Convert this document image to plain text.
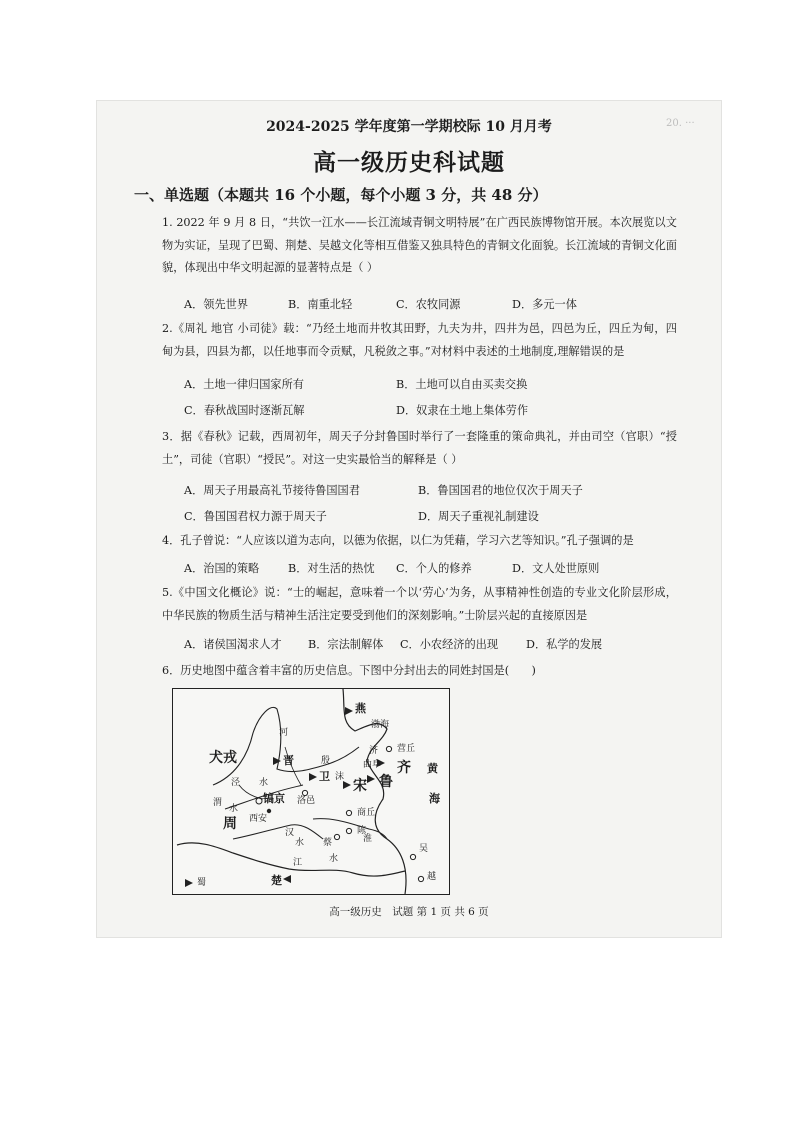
20. ···
2024-2025 学年度第一学期校际 10 月月考
高一级历史科试题
一、单选题（本题共 16 个小题，每个小题 3 分，共 48 分）
1. 2022 年 9 月 8 日，“共饮一江水——长江流域青铜文明特展”在广西民族博物馆开展。本次展览以文物为实证，呈现了巴蜀、荆楚、吴越文化等相互借鉴又独具特色的青铜文化面貌。长江流域的青铜文化面貌，体现出中华文明起源的显著特点是（ ）
A．领先世界	B．南重北轻	C．农牧同源	D．多元一体
2.《周礼 地官 小司徒》载：“乃经土地而井牧其田野，九夫为井，四井为邑，四邑为丘，四丘为甸，四甸为县，四县为都，以任地事而令贡赋，凡税敛之事。”对材料中表述的土地制度,理解错误的是
A．土地一律归国家所有	B．土地可以自由买卖交换
C．春秋战国时逐渐瓦解	D．奴隶在土地上集体劳作
3．据《春秋》记载，西周初年，周天子分封鲁国时举行了一套隆重的策命典礼，并由司空（官职）“授土”，司徒（官职）“授民”。对这一史实最恰当的解释是（ ）
A．周天子用最高礼节接待鲁国国君	B．鲁国国君的地位仅次于周天子
C．鲁国国君权力源于周天子	D．周天子重视礼制建设
4．孔子曾说：“人应该以道为志向，以德为依据，以仁为凭藉，学习六艺等知识。”孔子强调的是
A．治国的策略	B．对生活的热忱 C．个人的修养	D．文人处世原则
5.《中国文化概论》说：“士的崛起，意味着一个以‘劳心’为务，从事精神性创造的专业文化阶层形成，中华民族的物质生活与精神生活注定要受到他们的深刻影响。”士阶层兴起的直接原因是
A．诸侯国渴求人才 B．宗法制解体 C．小农经济的出现 D．私学的发展
6．历史地图中蕴含着丰富的历史信息。下图中分封出去的同姓封国是(　　)
燕
渤海
河
犬戎	晋	殷
济 营丘
齐 黄
海
泾 水
渭
水
周
镐京 洛邑
西安
卫 沫
曲阜
鲁
宋
商丘
陈
蔡
汉
水	淮
水
楚
江
蜀
吴
越
高一级历史　试题 第 1 页 共 6 页
